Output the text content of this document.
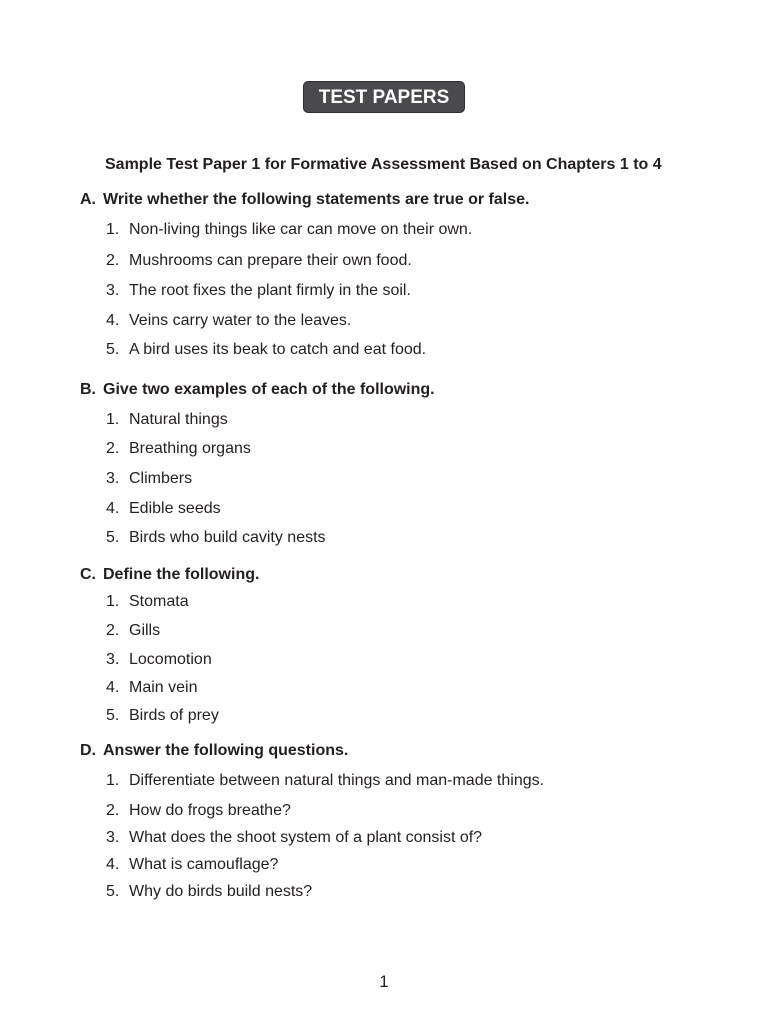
TEST PAPERS
Sample Test Paper 1 for Formative Assessment Based on Chapters 1 to 4
A. Write whether the following statements are true or false.
1. Non-living things like car can move on their own.
2. Mushrooms can prepare their own food.
3. The root fixes the plant firmly in the soil.
4. Veins carry water to the leaves.
5. A bird uses its beak to catch and eat food.
B. Give two examples of each of the following.
1. Natural things
2. Breathing organs
3. Climbers
4. Edible seeds
5. Birds who build cavity nests
C. Define the following.
1. Stomata
2. Gills
3. Locomotion
4. Main vein
5. Birds of prey
D. Answer the following questions.
1. Differentiate between natural things and man-made things.
2. How do frogs breathe?
3. What does the shoot system of a plant consist of?
4. What is camouflage?
5. Why do birds build nests?
1
